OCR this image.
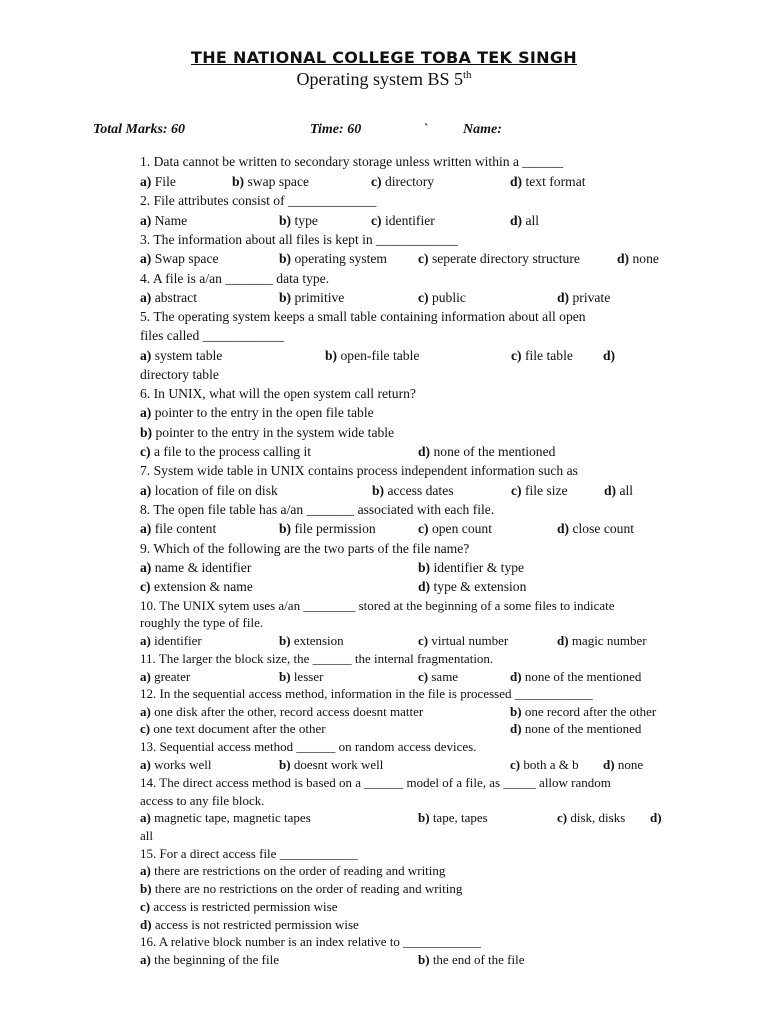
THE NATIONAL COLLEGE TOBA TEK SINGH
Operating system BS 5th
Total Marks: 60	Time: 60	`	Name:
1. Data cannot be written to secondary storage unless written within a ______
a) File	b) swap space	c) directory	d) text format
2. File attributes consist of _____________
a) Name	b) type	c) identifier	d) all
3. The information about all files is kept in ____________
a) Swap space	b) operating system c) seperate directory structure	d) none
4. A file is a/an _______ data type.
a) abstract	b) primitive	c) public	d) private
5. The operating system keeps a small table containing information about all open
files called ____________
a) system table	b) open-file table	c) file table d)
directory table
6. In UNIX, what will the open system call return?
a) pointer to the entry in the open file table
b) pointer to the entry in the system wide table
c) a file to the process calling it	d) none of the mentioned
7. System wide table in UNIX contains process independent information such as
a) location of file on disk	b) access dates	c) file size	d) all
8. The open file table has a/an _______ associated with each file.
a) file content	b) file permission	c) open count	d) close count
9. Which of the following are the two parts of the file name?
a) name & identifier	b) identifier & type
c) extension & name	d) type & extension
10. The UNIX sytem uses a/an ________ stored at the beginning of a some files to indicate
roughly the type of file.
a) identifier	b) extension	c) virtual number	d) magic number
11. The larger the block size, the ______ the internal fragmentation.
a) greater	b) lesser	c) same	d) none of the mentioned
12. In the sequential access method, information in the file is processed ____________
a) one disk after the other, record access doesnt matter	b) one record after the other
c) one text document after the other	d) none of the mentioned
13. Sequential access method ______ on random access devices.
a) works well	b) doesnt work well	c) both a & b d) none
14. The direct access method is based on a ______ model of a file, as _____ allow random
access to any file block.
a) magnetic tape, magnetic tapes	b) tape, tapes	c) disk, disks d)
all
15. For a direct access file ____________
a) there are restrictions on the order of reading and writing
b) there are no restrictions on the order of reading and writing
c) access is restricted permission wise
d) access is not restricted permission wise
16. A relative block number is an index relative to ____________
a) the beginning of the file	b) the end of the file
